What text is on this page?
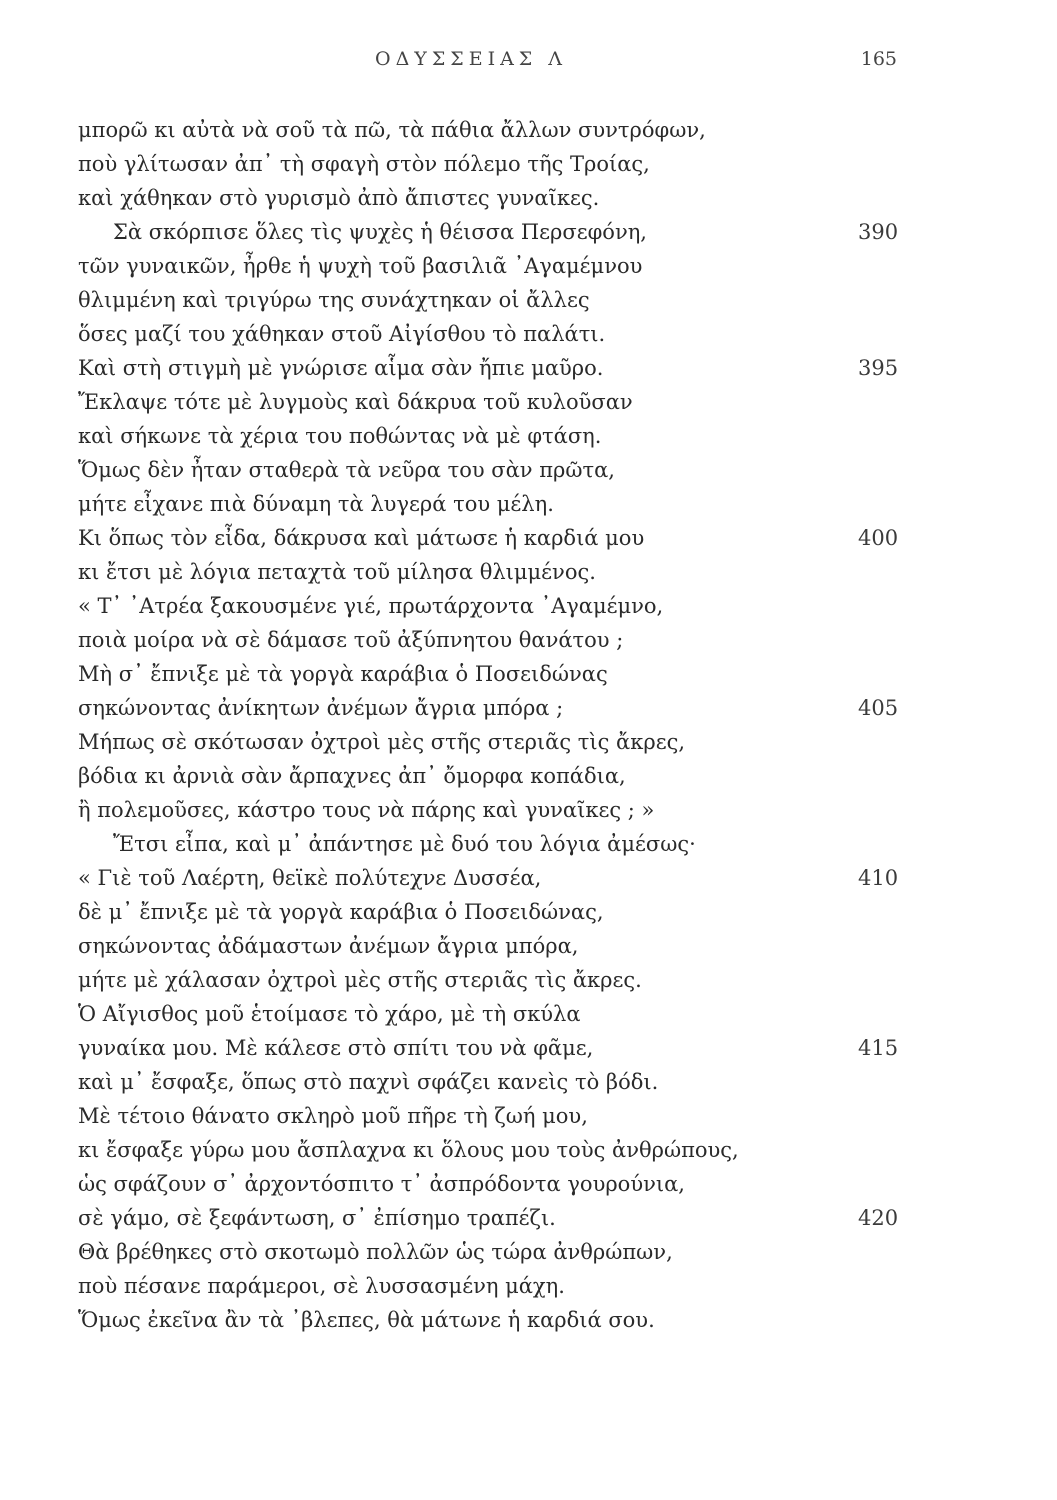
ΟΔΥΣΣΕΙΑΣ Λ	165
μπορῶ κι αὐτὰ νὰ σοῦ τὰ πῶ, τὰ πάθια ἄλλων συντρόφων,
ποὺ γλίτωσαν ἀπ᾽ τὴ σφαγὴ στὸν πόλεμο τῆς Τροίας,
καὶ χάθηκαν στὸ γυρισμὸ ἀπὸ ἄπιστες γυναῖκες.
Σὰ σκόρπισε ὅλες τὶς ψυχὲς ἡ θέισσα Περσεφόνη,	390
τῶν γυναικῶν, ἦρθε ἡ ψυχὴ τοῦ βασιλιᾶ ᾿Αγαμέμνου
θλιμμένη καὶ τριγύρω της συνάχτηκαν οἱ ἄλλες
ὅσες μαζί του χάθηκαν στοῦ Αἰγίσθου τὸ παλάτι.
Καὶ στὴ στιγμὴ μὲ γνώρισε αἷμα σὰν ἤπιε μαῦρο.	395
Ἔκλαψε τότε μὲ λυγμοὺς καὶ δάκρυα τοῦ κυλοῦσαν
καὶ σήκωνε τὰ χέρια του ποθώντας νὰ μὲ φτάση.
Ὅμως δὲν ἦταν σταθερὰ τὰ νεῦρα του σὰν πρῶτα,
μήτε εἶχανε πιὰ δύναμη τὰ λυγερά του μέλη.
Κι ὅπως τὸν εἶδα, δάκρυσα καὶ μάτωσε ἡ καρδιά μου	400
κι ἔτσι μὲ λόγια πεταχτὰ τοῦ μίλησα θλιμμένος.
« Τ᾽ ᾿Ατρέα ξακουσμένε γιέ, πρωτάρχοντα ᾿Αγαμέμνο,
ποιὰ μοίρα νὰ σὲ δάμασε τοῦ ἀξύπνητου θανάτου ;
Μὴ σ᾽ ἔπνιξε μὲ τὰ γοργὰ καράβια ὁ Ποσειδώνας
σηκώνοντας ἀνίκητων ἀνέμων ἄγρια μπόρα ;	405
Μήπως σὲ σκότωσαν ὀχτροὶ μὲς στῆς στεριᾶς τὶς ἄκρες,
βόδια κι ἀρνιὰ σὰν ἄρπαχνες ἀπ᾽ ὄμορφα κοπάδια,
ἢ πολεμοῦσες, κάστρο τους νὰ πάρης καὶ γυναῖκες ; »
Ἔτσι εἶπα, καὶ μ᾽ ἀπάντησε μὲ δυό του λόγια ἀμέσως·
« Γιὲ τοῦ Λαέρτη, θεϊκὲ πολύτεχνε Δυσσέα,	410
δὲ μ᾽ ἔπνιξε μὲ τὰ γοργὰ καράβια ὁ Ποσειδώνας,
σηκώνοντας ἀδάμαστων ἀνέμων ἄγρια μπόρα,
μήτε μὲ χάλασαν ὀχτροὶ μὲς στῆς στεριᾶς τὶς ἄκρες.
Ὁ Αἴγισθος μοῦ ἑτοίμασε τὸ χάρο, μὲ τὴ σκύλα
γυναίκα μου. Μὲ κάλεσε στὸ σπίτι του νὰ φᾶμε,	415
καὶ μ᾽ ἔσφαξε, ὅπως στὸ παχνὶ σφάζει κανεὶς τὸ βόδι.
Μὲ τέτοιο θάνατο σκληρὸ μοῦ πῆρε τὴ ζωή μου,
κι ἔσφαξε γύρω μου ἄσπλαχνα κι ὅλους μου τοὺς ἀνθρώπους,
ὡς σφάζουν σ᾽ ἀρχοντόσπιτο τ᾽ ἀσπρόδοντα γουρούνια,
σὲ γάμο, σὲ ξεφάντωση, σ᾽ ἐπίσημο τραπέζι.	420
Θὰ βρέθηκες στὸ σκοτωμὸ πολλῶν ὡς τώρα ἀνθρώπων,
ποὺ πέσανε παράμεροι, σὲ λυσσασμένη μάχη.
Ὅμως ἐκεῖνα ἂν τὰ ᾿βλεπες, θὰ μάτωνε ἡ καρδιά σου.
